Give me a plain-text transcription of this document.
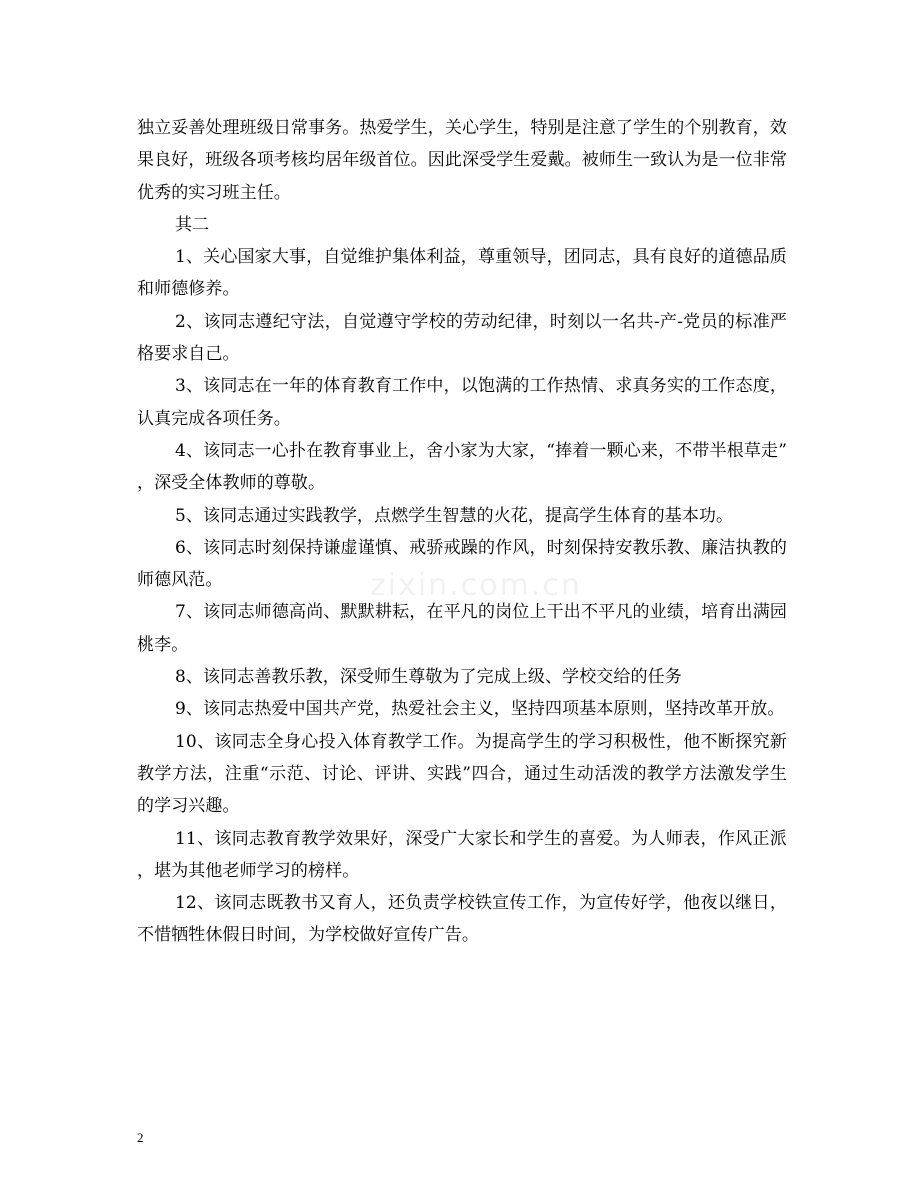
zixin.com.cn

独立妥善处理班级日常事务。热爱学生，关心学生，特别是注意了学生的个别教育，效果良好，班级各项考核均居年级首位。因此深受学生爱戴。被师生一致认为是一位非常优秀的实习班主任。

其二

1、关心国家大事，自觉维护集体利益，尊重领导，团同志，具有良好的道德品质和师德修养。

2、该同志遵纪守法，自觉遵守学校的劳动纪律，时刻以一名共-产-党员的标准严格要求自己。

3、该同志在一年的体育教育工作中，以饱满的工作热情、求真务实的工作态度，认真完成各项任务。

4、该同志一心扑在教育事业上，舍小家为大家，“捧着一颗心来，不带半根草走”，深受全体教师的尊敬。

5、该同志通过实践教学，点燃学生智慧的火花，提高学生体育的基本功。

6、该同志时刻保持谦虚谨慎、戒骄戒躁的作风，时刻保持安教乐教、廉洁执教的师德风范。

7、该同志师德高尚、默默耕耘，在平凡的岗位上干出不平凡的业绩，培育出满园桃李。

8、该同志善教乐教，深受师生尊敬为了完成上级、学校交给的任务

9、该同志热爱中国共产党，热爱社会主义，坚持四项基本原则，坚持改革开放。

10、该同志全身心投入体育教学工作。为提高学生的学习积极性，他不断探究新教学方法，注重“示范、讨论、评讲、实践”四合，通过生动活泼的教学方法激发学生的学习兴趣。

11、该同志教育教学效果好，深受广大家长和学生的喜爱。为人师表，作风正派，堪为其他老师学习的榜样。

12、该同志既教书又育人，还负责学校铁宣传工作，为宣传好学，他夜以继日，不惜牺牲休假日时间，为学校做好宣传广告。

2
